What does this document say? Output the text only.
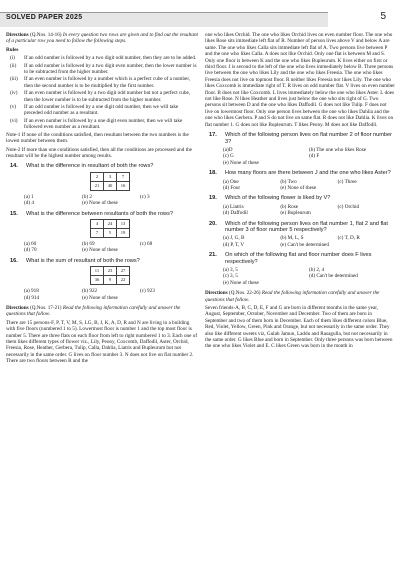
SOLVED PAPER 2025	5

Directions (Q.Nos. 14-16) In every question two rows are given and to find out the resultant of a particular row you need to follow the following steps.

Rules

(i)	If an odd number is followed by a two digit odd number, then they are to be added.
(ii)	If an odd number is followed by a two digit even number, then the lower number is to be subtracted from the higher number.
(iii)	If an even number is followed by a number which is a perfect cube of a number, then the second number is to be multiplied by the first number.
(iv)	If an even number is followed by a two digit odd number but not a perfect cube, then the lower number is to be subtracted from the higher number.
(v)	If an odd number is followed by a one digit odd number, then we will take preceded odd number as a resultant.
(vi)	If an even number is followed by a one digit even number, then we will take followed even number as a resultant.

Note-1 If none of the conditions satisfied, then resultant between the two numbers is the lowest number between them.

Note-2 If more than one conditions satisfied, then all the conditions are processed and the resultant will be the highest number among results.

14.	What is the difference in resultant of both the rows?
2	3	7
21	40	16
(a) 1	(b) 2	(c) 3
(d) 4	(e) None of these
15.	What is the difference between resultants of both the rows?
4	24	13
7	5	19
(a) 60	(b) 69	(c) 68
(d) 70	(e) None of these
16.	What is the sum of resultant of both the rows?
11	23	27
36	9	22
(a) 918	(b) 922	(c) 923
(d) 914	(e) None of these

Directions (Q.Nos. 17-21) Read the following information carefully and answer the questions that follow.

There are 15 persons-F, P, T, V, M, S, LG, B, J, K, A, D, R and N are living in a building with five floors (numbered 1 to 5). Lowermost floor is number 1 and the top most floor is number 5. There are three flats on each floor from left to right numbered 1 to 3. Each one of them likes different types of flower viz., Lily, Peony, Coxcomb, Daffodil, Aster, Orchid, Freesia, Rose, Heather, Gerbera, Tulip, Calla, Dahlia, Liatris and Bupleurum but not necessarily in the same order. G lives on floor number 3. N does not live on flat number 2. There are two floors between R and the

one who likes Orchid. The one who likes Orchid lives on even number floor. The one who likes Rose sits immediate left flat of R. Number of person lives above V and below A are same. The one who likes Calla sits immediate left flat of A. Two persons live between P and the one who likes Calla. A does not like Orchid. Only one flat is between M and S. Only one floor is between K and the one who likes Bupleurum. K lives either on first or third floor. J is second to the left of the one who lives immediately below B. Three persons live between the one who likes Lily and the one who likes Freesia. The one who likes Freesia does not live on topmost floor. R neither likes Freesia nor likes Lily. The one who likes Coxcomb is immediate right of T. R lives on odd number flat. V lives on even number floor. B does not like Coxcomb. L lives immediately below the one who likes Aster. L does not like Rose. N likes Heather and lives just below the one who sits right of G. Two persons sit between D and the one who likes Daffodil. G does not like Tulip. F does not live on lowermost floor. Only one person lives between the one who likes Dahlia and the one who likes Gerbera. P and S do not live on same flat. R does not like Dahlia. K lives on flat number 1. G does not like Bupleurum. T likes Peony. M does not like Daffodil.

17.	Which of the following person lives on flat number 2 of floor number 3?
(a)D	(b) The one who likes Rose
(c) G	(d) F
(e) None of these
18.	How many floors are there between J and the one who likes Aster?
(a) One	(b) Two	(c) Three
(d) Four	(e) None of these
19.	Which of the following flower is liked by V?
(a) Liatris	(b) Rose	(c) Orchid
(d) Daffodil	(e) Bupleurum
20.	Which of the following person lives on flat number 1, flat 2 and flat number 3 of floor number 5 respectively?
(a) J, G, B	(b) M, L, S	(c) T, D, R
(d) P, T, V	(e) Can't be determined
21.	On which of the following flat and floor number does F lives respectively?
(a) 3, 5	(b) 2, 4
(c) 3, 5	(d) Can't be determined
(e) None of these

Directions (Q.Nos. 22-26) Read the following information carefully and answer the questions that follow.

Seven friends-A, B, C, D, E, F and G are born in different months in the same year, August, September, October, November and December. Two of them are born in September and two of them born in December. Each of them likes different colors Blue, Red, Violet, Yellow, Green, Pink and Orange, but not necessarily in the same order. They also like different sweets viz, Gulab Jamun, Laddu and Rasagulla, but not necessarily in the same order. G likes Blue and born in September. Only three persons was born between the one who likes Violet and E. C likes Green was born in the month in
